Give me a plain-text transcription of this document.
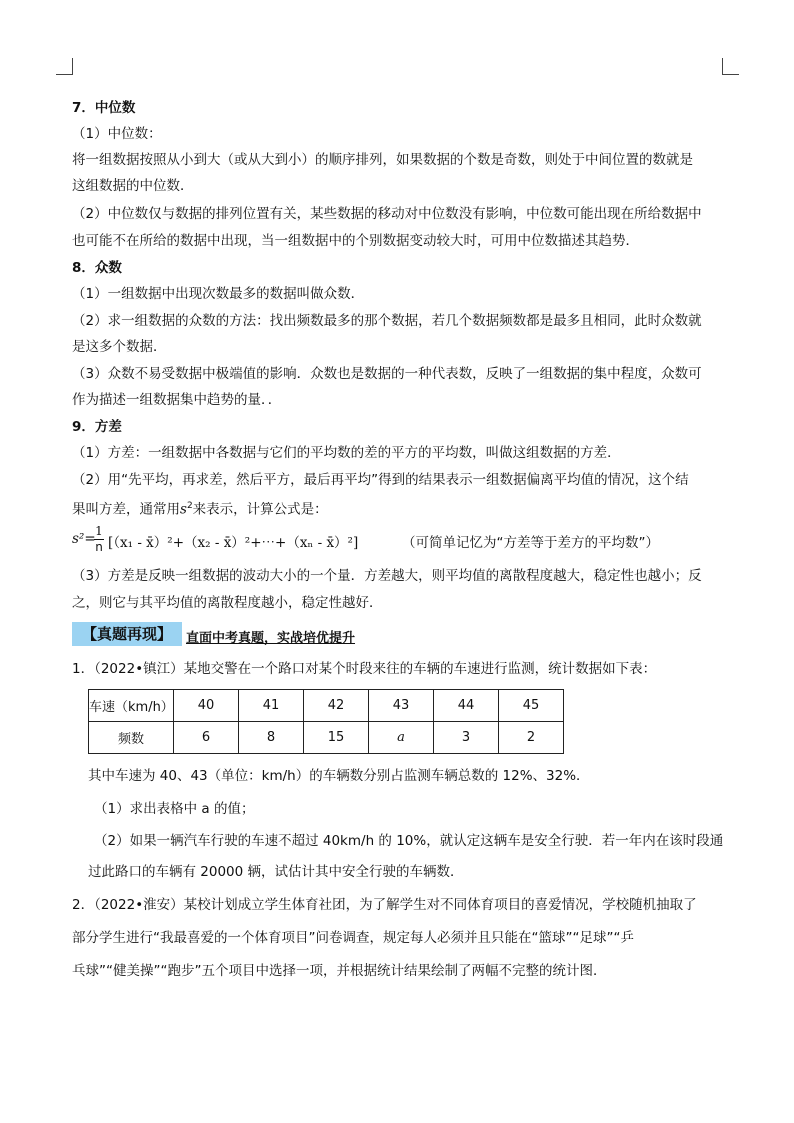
7．中位数
（1）中位数：
将一组数据按照从小到大（或从大到小）的顺序排列，如果数据的个数是奇数，则处于中间位置的数就是
这组数据的中位数．
（2）中位数仅与数据的排列位置有关，某些数据的移动对中位数没有影响，中位数可能出现在所给数据中
也可能不在所给的数据中出现，当一组数据中的个别数据变动较大时，可用中位数描述其趋势．
8．众数
（1）一组数据中出现次数最多的数据叫做众数．
（2）求一组数据的众数的方法：找出频数最多的那个数据，若几个数据频数都是最多且相同，此时众数就
是这多个数据．
（3）众数不易受数据中极端值的影响．众数也是数据的一种代表数，反映了一组数据的集中程度，众数可
作为描述一组数据集中趋势的量．．
9．方差
（1）方差：一组数据中各数据与它们的平均数的差的平方的平均数，叫做这组数据的方差．
（2）用“先平均，再求差，然后平方，最后再平均”得到的结果表示一组数据偏离平均值的情况，这个结
果叫方差，通常用$s^2$来表示，计算公式是：
s²= 1
n [（x₁ - x̄）²+（x₂ - x̄）²+⋯+（xₙ - x̄）²]	（可简单记忆为“方差等于差方的平均数”）
（3）方差是反映一组数据的波动大小的一个量．方差越大，则平均值的离散程度越大，稳定性也越小；反
之，则它与其平均值的离散程度越小，稳定性越好．
【真题再现】	直面中考真题，实战培优提升
1．（2022•镇江）某地交警在一个路口对某个时段来往的车辆的车速进行监测，统计数据如下表：
车速（km/h）	40	41	42	43	44	45
频数	6	8	15	a	3	2
其中车速为 40、43（单位：km/h）的车辆数分别占监测车辆总数的 12%、32%．
（1）求出表格中 a 的值；
（2）如果一辆汽车行驶的车速不超过 40km/h 的 10%，就认定这辆车是安全行驶．若一年内在该时段通
过此路口的车辆有 20000 辆，试估计其中安全行驶的车辆数．
2．（2022•淮安）某校计划成立学生体育社团，为了解学生对不同体育项目的喜爱情况，学校随机抽取了
部分学生进行“我最喜爱的一个体育项目”问卷调查，规定每人必须并且只能在“篮球”“足球”“乒
乓球”“健美操”“跑步”五个项目中选择一项，并根据统计结果绘制了两幅不完整的统计图．
